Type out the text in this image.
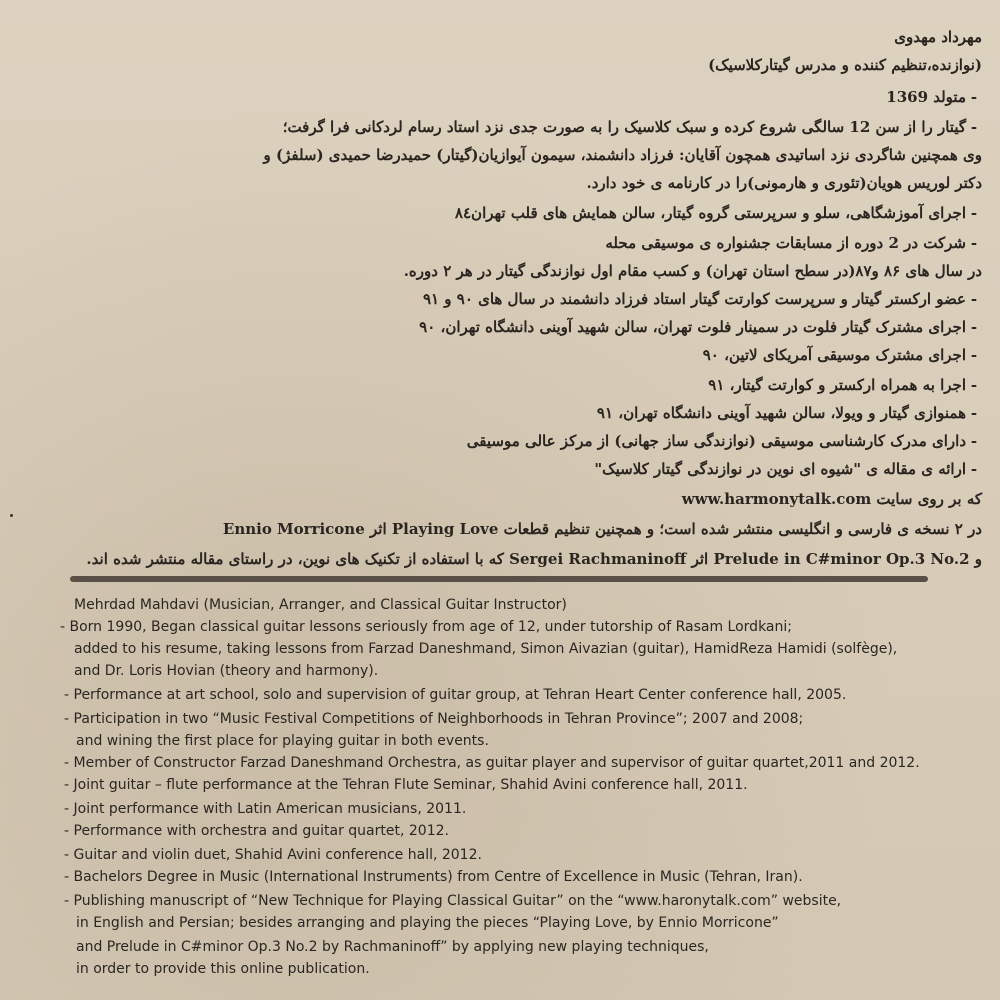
مهرداد مهدوی
(نوازنده،تنظیم کننده و مدرس گیتارکلاسیک)
- متولد 1369
- گیتار را از سن 12 سالگی شروع کرده و سبک کلاسیک را به صورت جدی نزد استاد رسام لردکانی فرا گرفت؛
وی همچنین شاگردی نزد اساتیدی همچون آقایان: فرزاد دانشمند، سیمون آیوازیان(گیتار) حمیدرضا حمیدی (سلفژ) و
دکتر لوریس هویان(تئوری و هارمونی)را در کارنامه ی خود دارد.
- اجرای آموزشگاهی، سلو و سرپرستی گروه گیتار، سالن همایش های قلب تهران۸٤
- شرکت در 2 دوره از مسابقات جشنواره ی موسیقی محله
در سال های ۸۶ و۸۷(در سطح استان تهران) و کسب مقام اول نوازندگی گیتار در هر ۲ دوره.
- عضو ارکستر گیتار و سرپرست کوارتت گیتار استاد فرزاد دانشمند در سال های ۹۰ و ۹۱
- اجرای مشترک گیتار فلوت در سمینار فلوت تهران، سالن شهید آوینی دانشگاه تهران، ۹۰
- اجرای مشترک موسیقی آمریکای لاتین، ۹۰
- اجرا به همراه ارکستر و کوارتت گیتار، ۹۱
- همنوازی گیتار و ویولا، سالن شهید آوینی دانشگاه تهران، ۹۱
- دارای مدرک کارشناسی موسیقی (نوازندگی ساز جهانی) از مرکز عالی موسیقی
- ارائه ی مقاله ی "شیوه ای نوین در نوازندگی گیتار کلاسیک"
که بر روی سایت www.harmonytalk.com
در ۲ نسخه ی فارسی و انگلیسی منتشر شده است؛ و همچنین تنظیم قطعات Playing Love اثر Ennio Morricone
و Prelude in C#minor Op.3 No.2 اثر Sergei Rachmaninoff که با استفاده از تکنیک های نوین، در راستای مقاله منتشر شده اند.
Mehrdad Mahdavi (Musician, Arranger, and Classical Guitar Instructor)
- Born 1990, Began classical guitar lessons seriously from age of 12, under tutorship of Rasam Lordkani;
added to his resume, taking lessons from Farzad Daneshmand, Simon Aivazian (guitar), HamidReza Hamidi (solfège),
and Dr. Loris Hovian (theory and harmony).
- Performance at art school, solo and supervision of guitar group, at Tehran Heart Center conference hall, 2005.
- Participation in two “Music Festival Competitions of Neighborhoods in Tehran Province”; 2007 and 2008;
and wining the first place for playing guitar in both events.
- Member of Constructor Farzad Daneshmand Orchestra, as guitar player and supervisor of guitar quartet,2011 and 2012.
- Joint guitar – flute performance at the Tehran Flute Seminar, Shahid Avini conference hall, 2011.
- Joint performance with Latin American musicians, 2011.
- Performance with orchestra and guitar quartet, 2012.
- Guitar and violin duet, Shahid Avini conference hall, 2012.
- Bachelors Degree in Music (International Instruments) from Centre of Excellence in Music (Tehran, Iran).
- Publishing manuscript of “New Technique for Playing Classical Guitar” on the “www.haronytalk.com” website,
in English and Persian; besides arranging and playing the pieces “Playing Love, by Ennio Morricone”
and Prelude in C#minor Op.3 No.2 by Rachmaninoff” by applying new playing techniques,
in order to provide this online publication.
